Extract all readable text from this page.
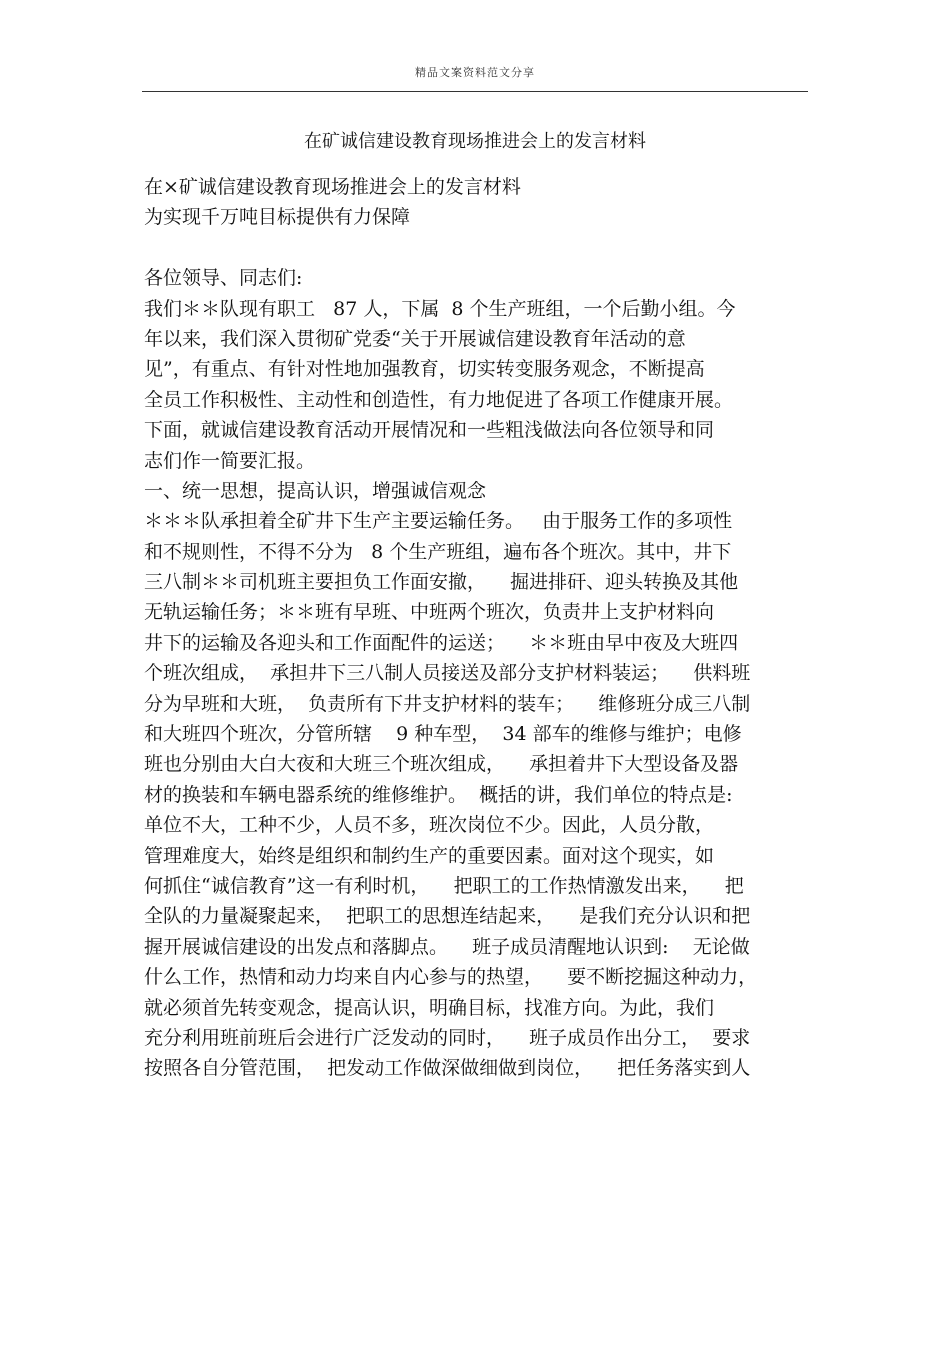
精品文案资料范文分享
在矿诚信建设教育现场推进会上的发言材料
在×矿诚信建设教育现场推进会上的发言材料
为实现千万吨目标提供有力保障
各位领导、同志们:
我们＊＊队现有职工   87 人，下属  8 个生产班组，一个后勤小组。今
年以来，我们深入贯彻矿党委“关于开展诚信建设教育年活动的意
见”，有重点、有针对性地加强教育，切实转变服务观念，不断提高
全员工作积极性、主动性和创造性，有力地促进了各项工作健康开展。
下面，就诚信建设教育活动开展情况和一些粗浅做法向各位领导和同
志们作一简要汇报。
一、统一思想，提高认识，增强诚信观念
＊＊＊队承担着全矿井下生产主要运输任务。   由于服务工作的多项性
和不规则性，不得不分为   8 个生产班组，遍布各个班次。其中，井下
三八制＊＊司机班主要担负工作面安撤，    掘进排矸、迎头转换及其他
无轨运输任务；＊＊班有早班、中班两个班次，负责井上支护材料向
井下的运输及各迎头和工作面配件的运送；    ＊＊班由早中夜及大班四
个班次组成，  承担井下三八制人员接送及部分支护材料装运；    供料班
分为早班和大班，  负责所有下井支护材料的装车；    维修班分成三八制
和大班四个班次，分管所辖    9 种车型，  34 部车的维修与维护；电修
班也分别由大白大夜和大班三个班次组成，    承担着井下大型设备及器
材的换装和车辆电器系统的维修维护。  概括的讲，我们单位的特点是:
单位不大，工种不少，人员不多，班次岗位不少。因此，人员分散，
管理难度大，始终是组织和制约生产的重要因素。面对这个现实，如
何抓住“诚信教育”这一有利时机，    把职工的工作热情激发出来，    把
全队的力量凝聚起来，  把职工的思想连结起来，    是我们充分认识和把
握开展诚信建设的出发点和落脚点。    班子成员清醒地认识到:    无论做
什么工作，热情和动力均来自内心参与的热望，    要不断挖掘这种动力，
就必须首先转变观念，提高认识，明确目标，找准方向。为此，我们
充分利用班前班后会进行广泛发动的同时，    班子成员作出分工，  要求
按照各自分管范围，  把发动工作做深做细做到岗位，    把任务落实到人
